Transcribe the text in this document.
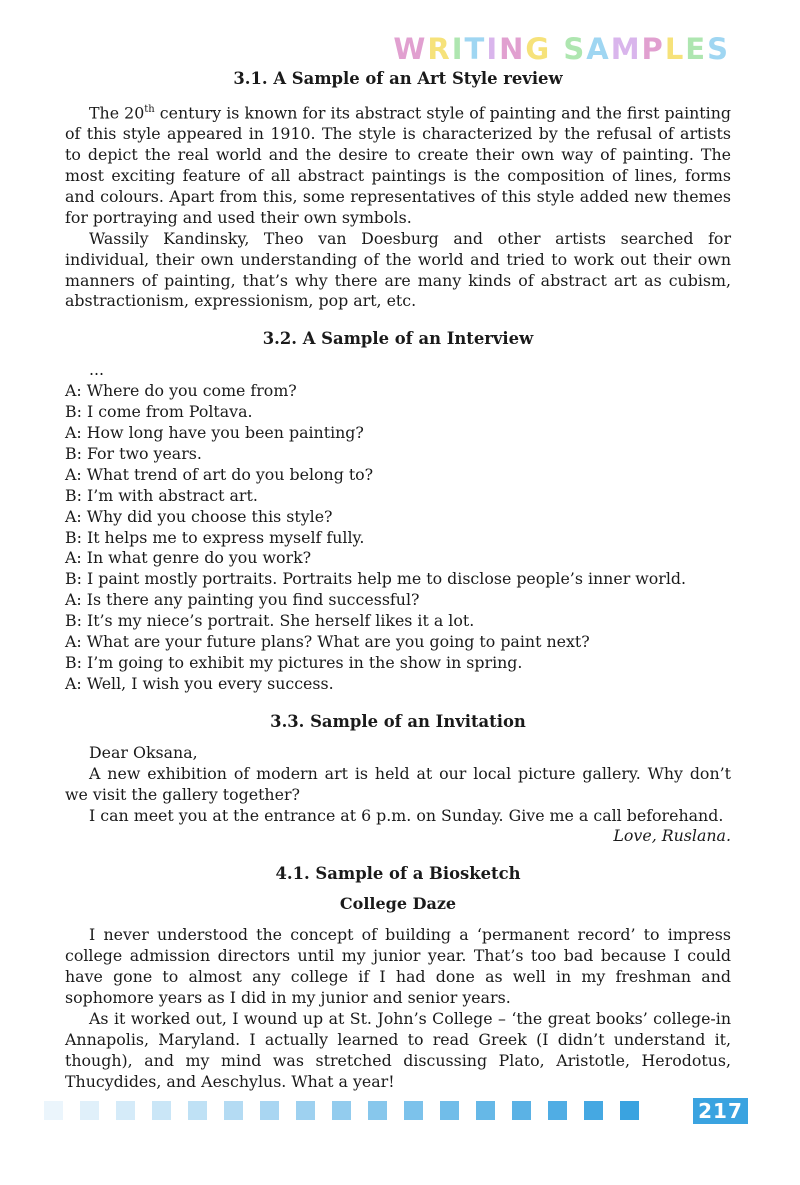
WRITING SAMPLES
3.1. A Sample of an Art Style review

The 20th century is known for its abstract style of painting and the first painting of this style appeared in 1910. The style is characterized by the refusal of artists to depict the real world and the desire to create their own way of painting. The most exciting feature of all abstract paintings is the composition of lines, forms and colours. Apart from this, some representatives of this style added new themes for portraying and used their own symbols.

Wassily Kandinsky, Theo van Doesburg and other artists searched for individual, their own understanding of the world and tried to work out their own manners of painting, that’s why there are many kinds of abstract art as cubism, abstractionism, expressionism, pop art, etc.

3.2. A Sample of an Interview
...
A: Where do you come from?
B: I come from Poltava.
A: How long have you been painting?
B: For two years.
A: What trend of art do you belong to?
B: I’m with abstract art.
A: Why did you choose this style?
B: It helps me to express myself fully.
A: In what genre do you work?
B: I paint mostly portraits. Portraits help me to disclose people’s inner world.
A: Is there any painting you find successful?
B: It’s my niece’s portrait. She herself likes it a lot.
A: What are your future plans? What are you going to paint next?
B: I’m going to exhibit my pictures in the show in spring.
A: Well, I wish you every success.
3.3. Sample of an Invitation

Dear Oksana,

A new exhibition of modern art is held at our local picture gallery. Why don’t we visit the gallery together?

I can meet you at the entrance at 6 p.m. on Sunday. Give me a call beforehand.

Love, Ruslana.

4.1. Sample of a Biosketch
College Daze

I never understood the concept of building a ‘permanent record’ to impress college admission directors until my junior year. That’s too bad because I could have gone to almost any college if I had done as well in my freshman and sophomore years as I did in my junior and senior years.

As it worked out, I wound up at St. John’s College – ‘the great books’ college-in Annapolis, Maryland. I actually learned to read Greek (I didn’t understand it, though), and my mind was stretched discussing Plato, Aristotle, Herodotus, Thucydides, and Aeschylus. What a year!

217
